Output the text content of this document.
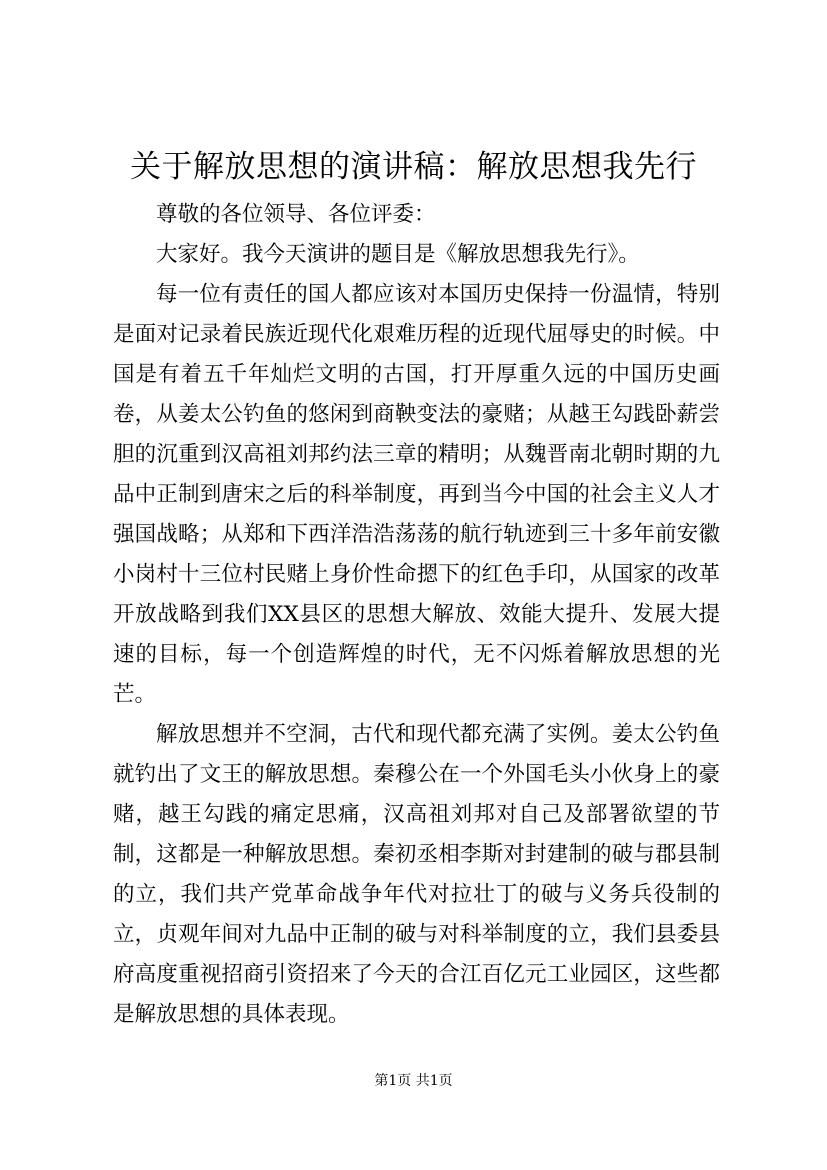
关于解放思想的演讲稿：解放思想我先行

尊敬的各位领导、各位评委：

大家好。我今天演讲的题目是《解放思想我先行》。

每一位有责任的国人都应该对本国历史保持一份温情，特别是面对记录着民族近现代化艰难历程的近现代屈辱史的时候。中国是有着五千年灿烂文明的古国，打开厚重久远的中国历史画卷，从姜太公钓鱼的悠闲到商鞅变法的豪赌；从越王勾践卧薪尝胆的沉重到汉高祖刘邦约法三章的精明；从魏晋南北朝时期的九品中正制到唐宋之后的科举制度，再到当今中国的社会主义人才强国战略；从郑和下西洋浩浩荡荡的航行轨迹到三十多年前安徽小岗村十三位村民赌上身价性命摁下的红色手印，从国家的改革开放战略到我们XX县区的思想大解放、效能大提升、发展大提速的目标，每一个创造辉煌的时代，无不闪烁着解放思想的光芒。

解放思想并不空洞，古代和现代都充满了实例。姜太公钓鱼就钓出了文王的解放思想。秦穆公在一个外国毛头小伙身上的豪赌，越王勾践的痛定思痛，汉高祖刘邦对自己及部署欲望的节制，这都是一种解放思想。秦初丞相李斯对封建制的破与郡县制的立，我们共产党革命战争年代对拉壮丁的破与义务兵役制的立，贞观年间对九品中正制的破与对科举制度的立，我们县委县府高度重视招商引资招来了今天的合江百亿元工业园区，这些都是解放思想的具体表现。

第1页 共1页
